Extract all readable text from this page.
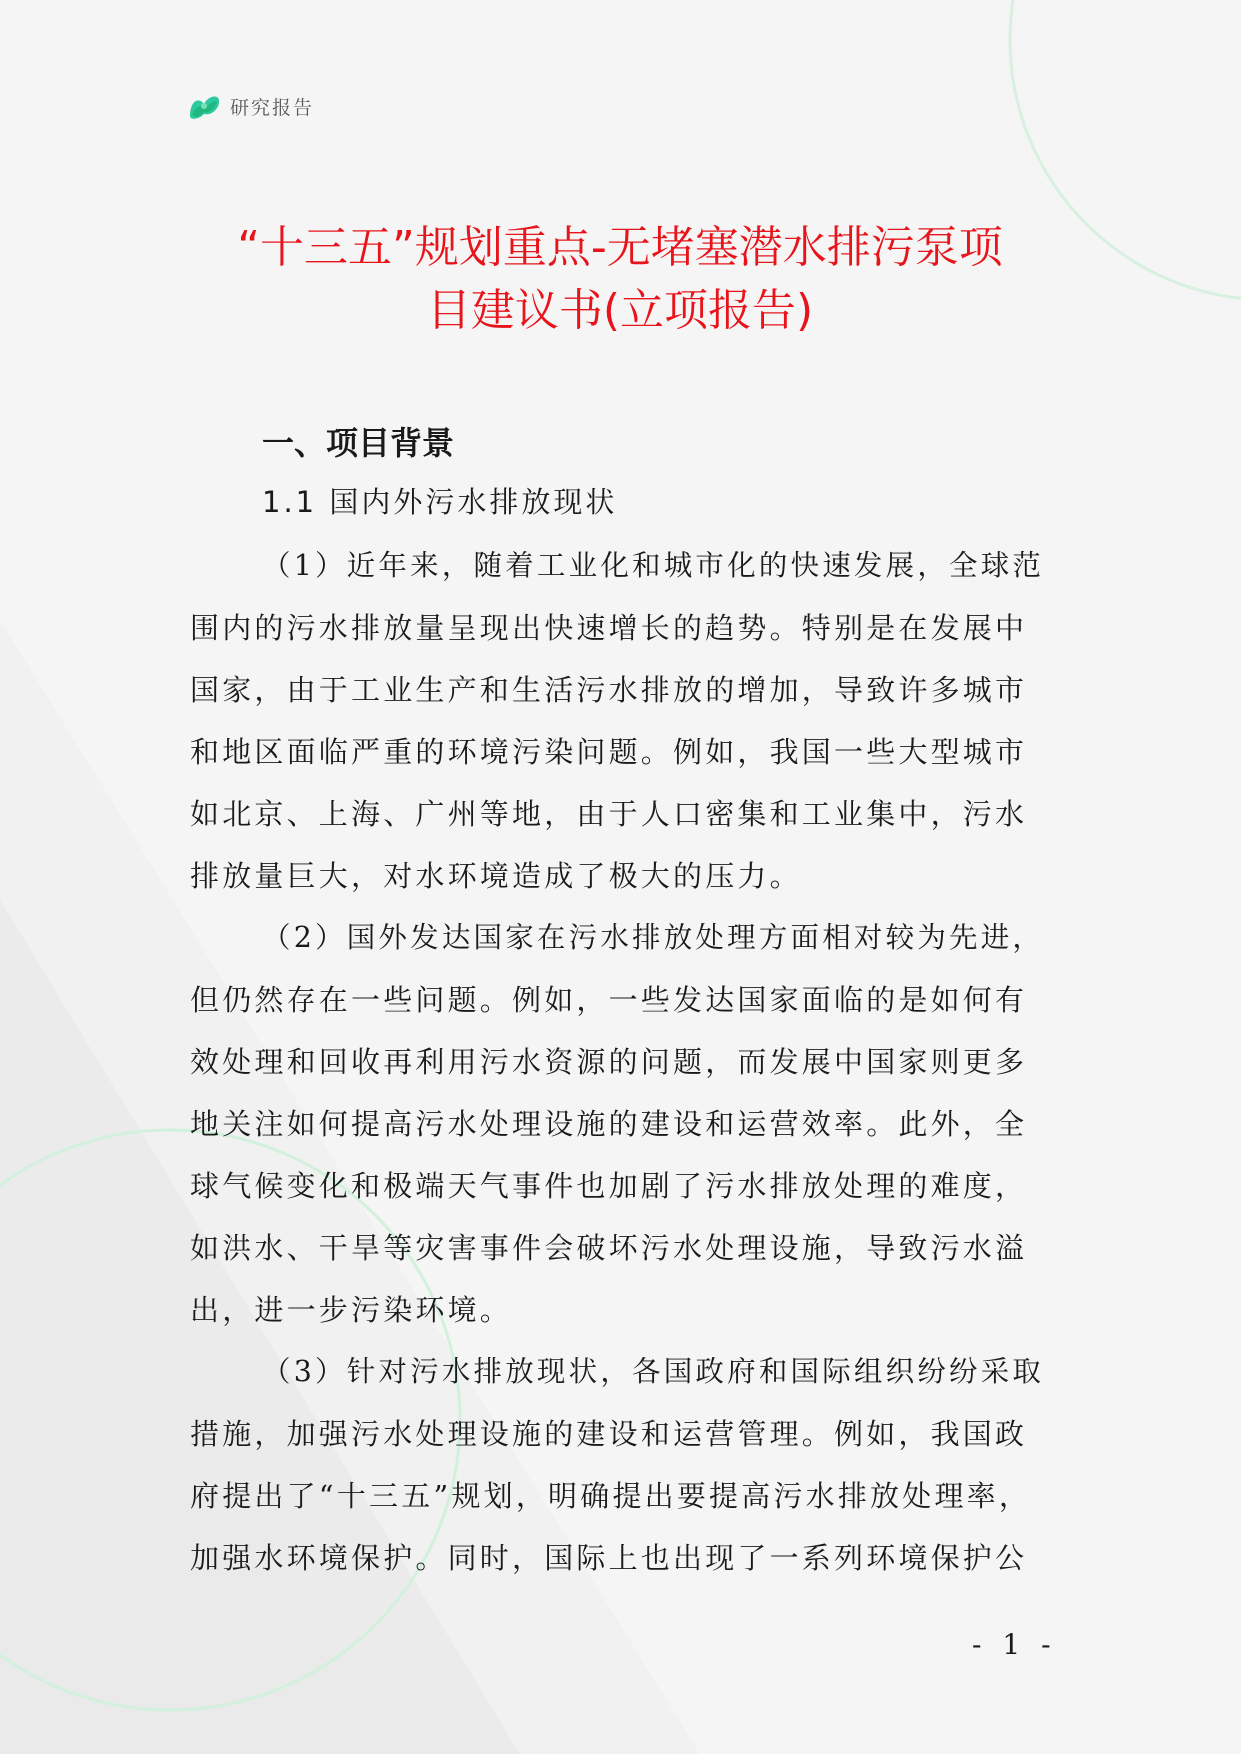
研究报告
“十三五”规划重点-无堵塞潜水排污泵项
目建议书(立项报告)
一、项目背景
1.1 国内外污水排放现状

（1）近年来，随着工业化和城市化的快速发展，全球范

围内的污水排放量呈现出快速增长的趋势。特别是在发展中

国家，由于工业生产和生活污水排放的增加，导致许多城市

和地区面临严重的环境污染问题。例如，我国一些大型城市

如北京、上海、广州等地，由于人口密集和工业集中，污水

排放量巨大，对水环境造成了极大的压力。

（2）国外发达国家在污水排放处理方面相对较为先进，

但仍然存在一些问题。例如，一些发达国家面临的是如何有

效处理和回收再利用污水资源的问题，而发展中国家则更多

地关注如何提高污水处理设施的建设和运营效率。此外，全

球气候变化和极端天气事件也加剧了污水排放处理的难度，

如洪水、干旱等灾害事件会破坏污水处理设施，导致污水溢

出，进一步污染环境。

（3）针对污水排放现状，各国政府和国际组织纷纷采取

措施，加强污水处理设施的建设和运营管理。例如，我国政

府提出了“十三五”规划，明确提出要提高污水排放处理率，

加强水环境保护。同时，国际上也出现了一系列环境保护公

- 1 -
